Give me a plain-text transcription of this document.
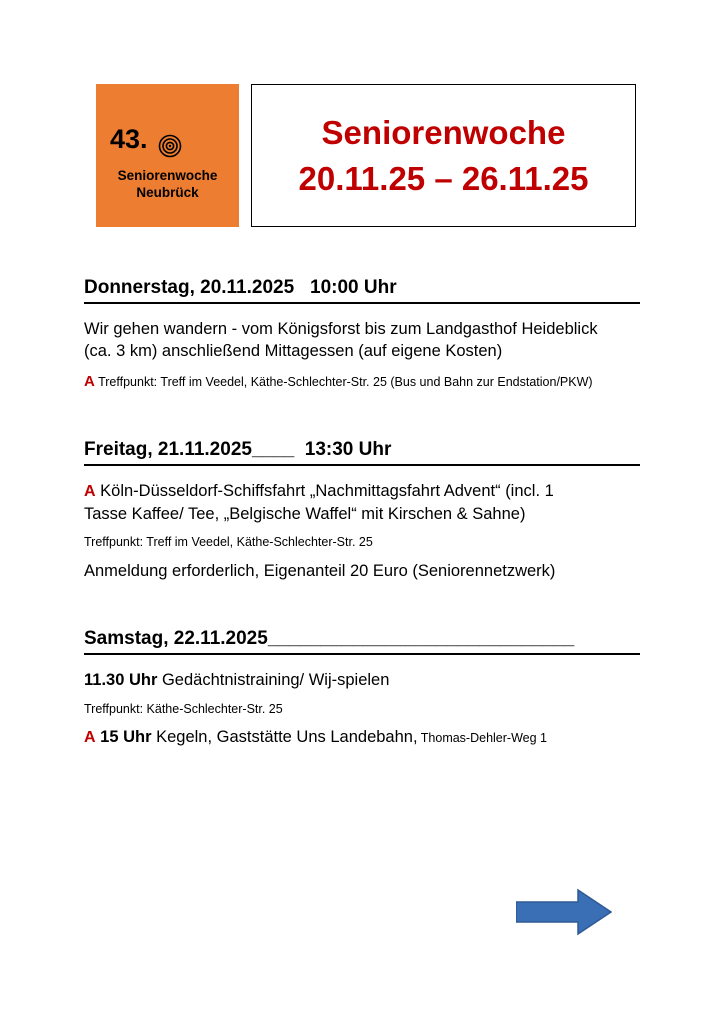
43.
Seniorenwoche
Neubrück
Seniorenwoche
20.11.25 – 26.11.25
Donnerstag, 20.11.2025   10:00 Uhr
Wir gehen wandern - vom Königsforst bis zum Landgasthof Heideblick
(ca. 3 km) anschließend Mittagessen (auf eigene Kosten)
A Treffpunkt: Treff im Veedel, Käthe-Schlechter-Str. 25 (Bus und Bahn zur Endstation/PKW)
Freitag, 21.11.2025____  13:30 Uhr
A Köln-Düsseldorf-Schiffsfahrt „Nachmittagsfahrt Advent“ (incl. 1
Tasse Kaffee/ Tee, „Belgische Waffel“ mit Kirschen & Sahne)
Treffpunkt: Treff im Veedel, Käthe-Schlechter-Str. 25
Anmeldung erforderlich, Eigenanteil 20 Euro (Seniorennetzwerk)
Samstag, 22.11.2025_____________________________
11.30 Uhr Gedächtnistraining/ Wij-spielen
Treffpunkt: Käthe-Schlechter-Str. 25
A 15 Uhr Kegeln, Gaststätte Uns Landebahn, Thomas-Dehler-Weg 1
